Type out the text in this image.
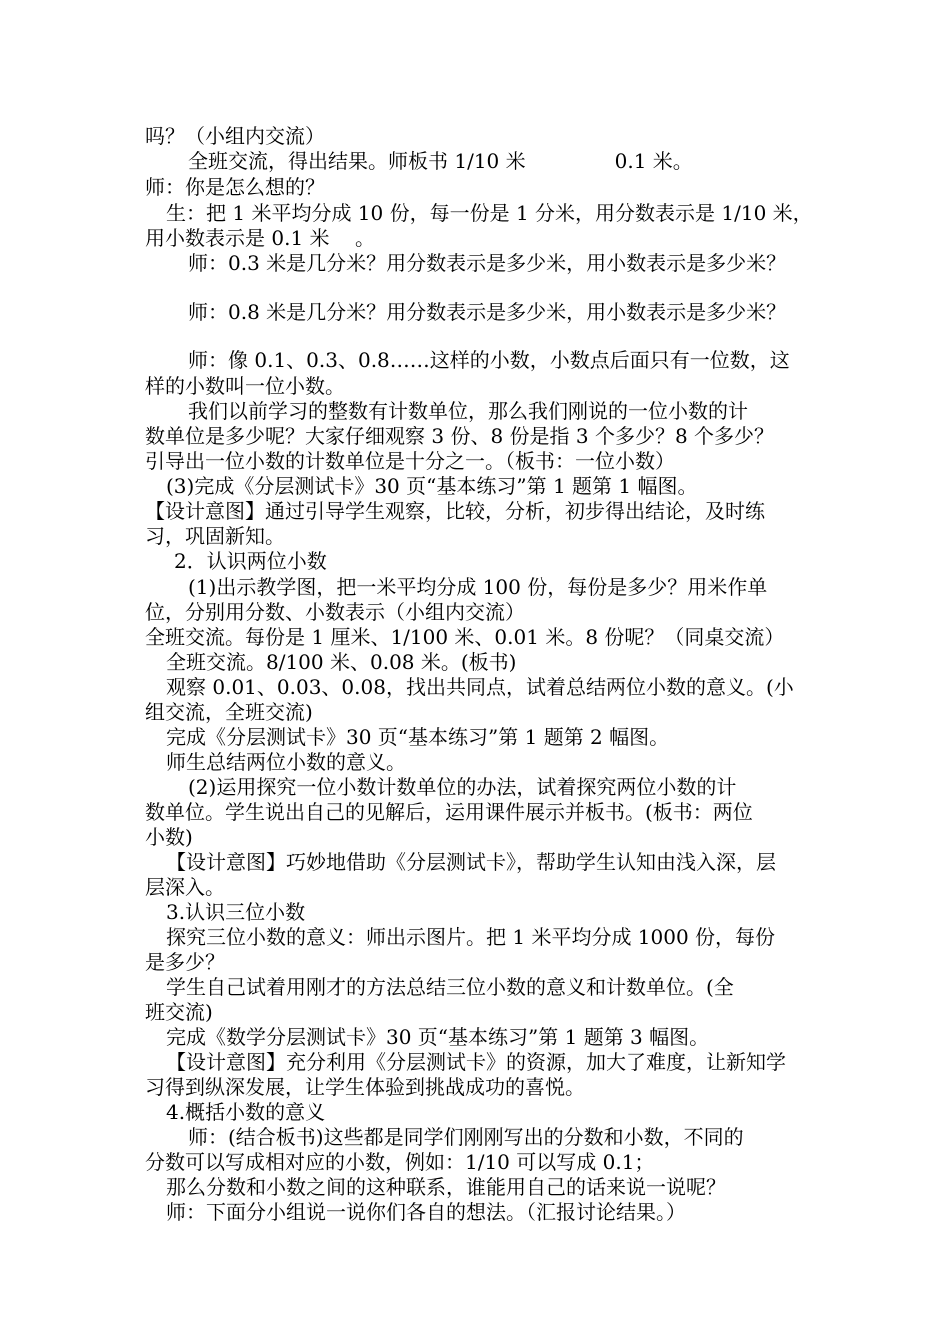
吗？（小组内交流）
全班交流，得出结果。师板书 1/10 米              0.1 米。
师：你是怎么想的？
生：把 1 米平均分成 10 份，每一份是 1 分米，用分数表示是 1/10 米，
用小数表示是 0.1 米    。
师：0.3 米是几分米？用分数表示是多少米，用小数表示是多少米？
师：0.8 米是几分米？用分数表示是多少米，用小数表示是多少米？
师：像 0.1、0.3、0.8……这样的小数，小数点后面只有一位数，这
样的小数叫一位小数。
我们以前学习的整数有计数单位，那么我们刚说的一位小数的计
数单位是多少呢？大家仔细观察 3 份、8 份是指 3 个多少？8 个多少？
引导出一位小数的计数单位是十分之一。（板书：一位小数）
(3)完成《分层测试卡》30 页“基本练习”第 1 题第 1 幅图。
【设计意图】通过引导学生观察，比较，分析，初步得出结论，及时练
习，巩固新知。
2．认识两位小数
(1)出示教学图，把一米平均分成 100 份，每份是多少？用米作单
位，分别用分数、小数表示（小组内交流）
全班交流。每份是 1 厘米、1/100 米、0.01 米。8 份呢？（同桌交流）
全班交流。8/100 米、0.08 米。(板书)
观察 0.01、0.03、0.08，找出共同点，试着总结两位小数的意义。(小
组交流，全班交流)
完成《分层测试卡》30 页“基本练习”第 1 题第 2 幅图。
师生总结两位小数的意义。
(2)运用探究一位小数计数单位的办法，试着探究两位小数的计
数单位。学生说出自己的见解后，运用课件展示并板书。(板书：两位
小数)
【设计意图】巧妙地借助《分层测试卡》，帮助学生认知由浅入深，层
层深入。
3.认识三位小数
探究三位小数的意义：师出示图片。把 1 米平均分成 1000 份，每份
是多少？
学生自己试着用刚才的方法总结三位小数的意义和计数单位。(全
班交流)
完成《数学分层测试卡》30 页“基本练习”第 1 题第 3 幅图。
【设计意图】充分利用《分层测试卡》的资源，加大了难度，让新知学
习得到纵深发展，让学生体验到挑战成功的喜悦。
4.概括小数的意义
师：(结合板书)这些都是同学们刚刚写出的分数和小数，不同的
分数可以写成相对应的小数，例如：1/10 可以写成 0.1；
那么分数和小数之间的这种联系，谁能用自己的话来说一说呢？
师：下面分小组说一说你们各自的想法。（汇报讨论结果。）
